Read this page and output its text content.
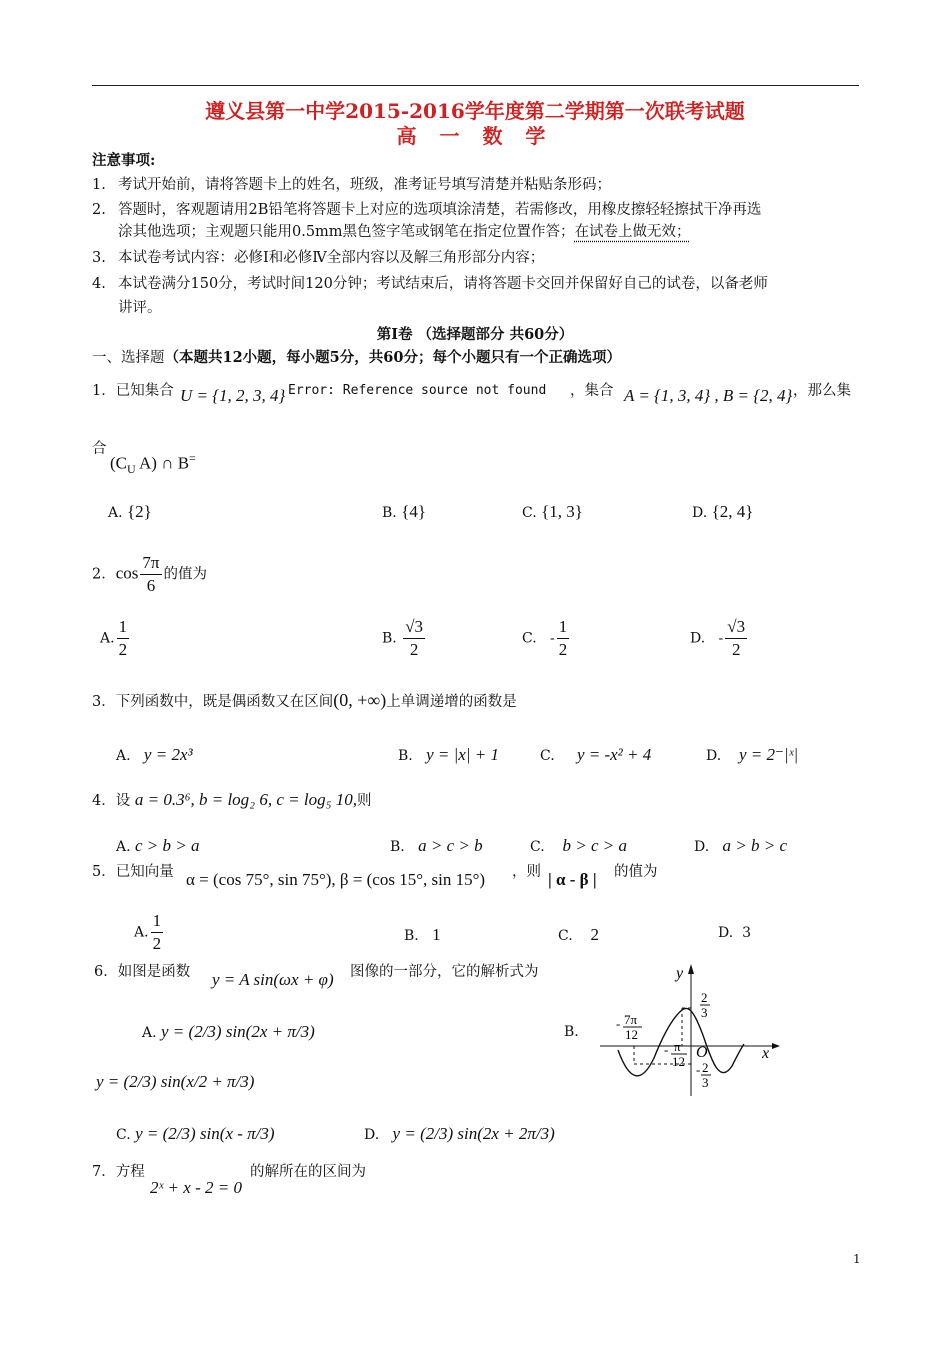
遵义县第一中学2015-2016学年度第二学期第一次联考试题
高 一 数 学
注意事项:
1. 考试开始前，请将答题卡上的姓名，班级，准考证号填写清楚并粘贴条形码；
2. 答题时，客观题请用2B铅笔将答题卡上对应的选项填涂清楚，若需修改，用橡皮擦轻轻擦拭干净再选
涂其他选项；主观题只能用0.5mm黑色签字笔或钢笔在指定位置作答；在试卷上做无效；
3. 本试卷考试内容：必修Ⅰ和必修Ⅳ全部内容以及解三角形部分内容；
4. 本试卷满分150分，考试时间120分钟；考试结束后，请将答题卡交回并保留好自己的试卷，以备老师
讲评。
第Ⅰ卷 （选择题部分 共60分）
一、选择题（本题共12小题，每小题5分，共60分；每个小题只有一个正确选项）
1．已知集合 U = {1, 2, 3, 4} Error: Reference source not found ，集合 A = {1, 3, 4} , B = {2, 4} ，那么集
合
($C_U$ A) ∩ B=
A. {2}	B. {4}	C. {1, 3}	D. {2, 4}
2．$\cos \frac{7\pi}{6}$ 的值为
A. $\frac{1}{2}$	B. $\frac{√3}{2}$	C. - $\frac{1}{2}$	D. - $\frac{√3}{2}$
3．下列函数中，既是偶函数又在区间(0, +∞)上单调递增的函数是
A. y = 2x³	B. y = |x| + 1	C. y = -x² + 4	D. y = 2⁻|ˣ|
4．设 a = 0.3⁶, b = log₂ 6, c = log₅ 10,则
A. c > b > a	B. a > c > b	C. b > c > a	D. a > b > c
5．已知向量 α = (cos 75°, sin 75°), β = (cos 15°, sin 15°) ，则 | α - β | 的值为
A. $\frac{1}{2}$	B. 1	C. 2	D. 3
6．如图是函数 y = A sin(ωx + φ) 图像的一部分，它的解析式为
A. y = (2/3) sin(2x + π/3)	B.
y = (2/3) sin(x/2 + π/3)
C. y = (2/3) sin(x - π/3)	D. y = (2/3) sin(2x + 2π/3)
y
x
O
2
3
- 2
3
- 7π
12
- π
12
7．方程
2ˣ + x - 2 = 0
的解所在的区间为
1
